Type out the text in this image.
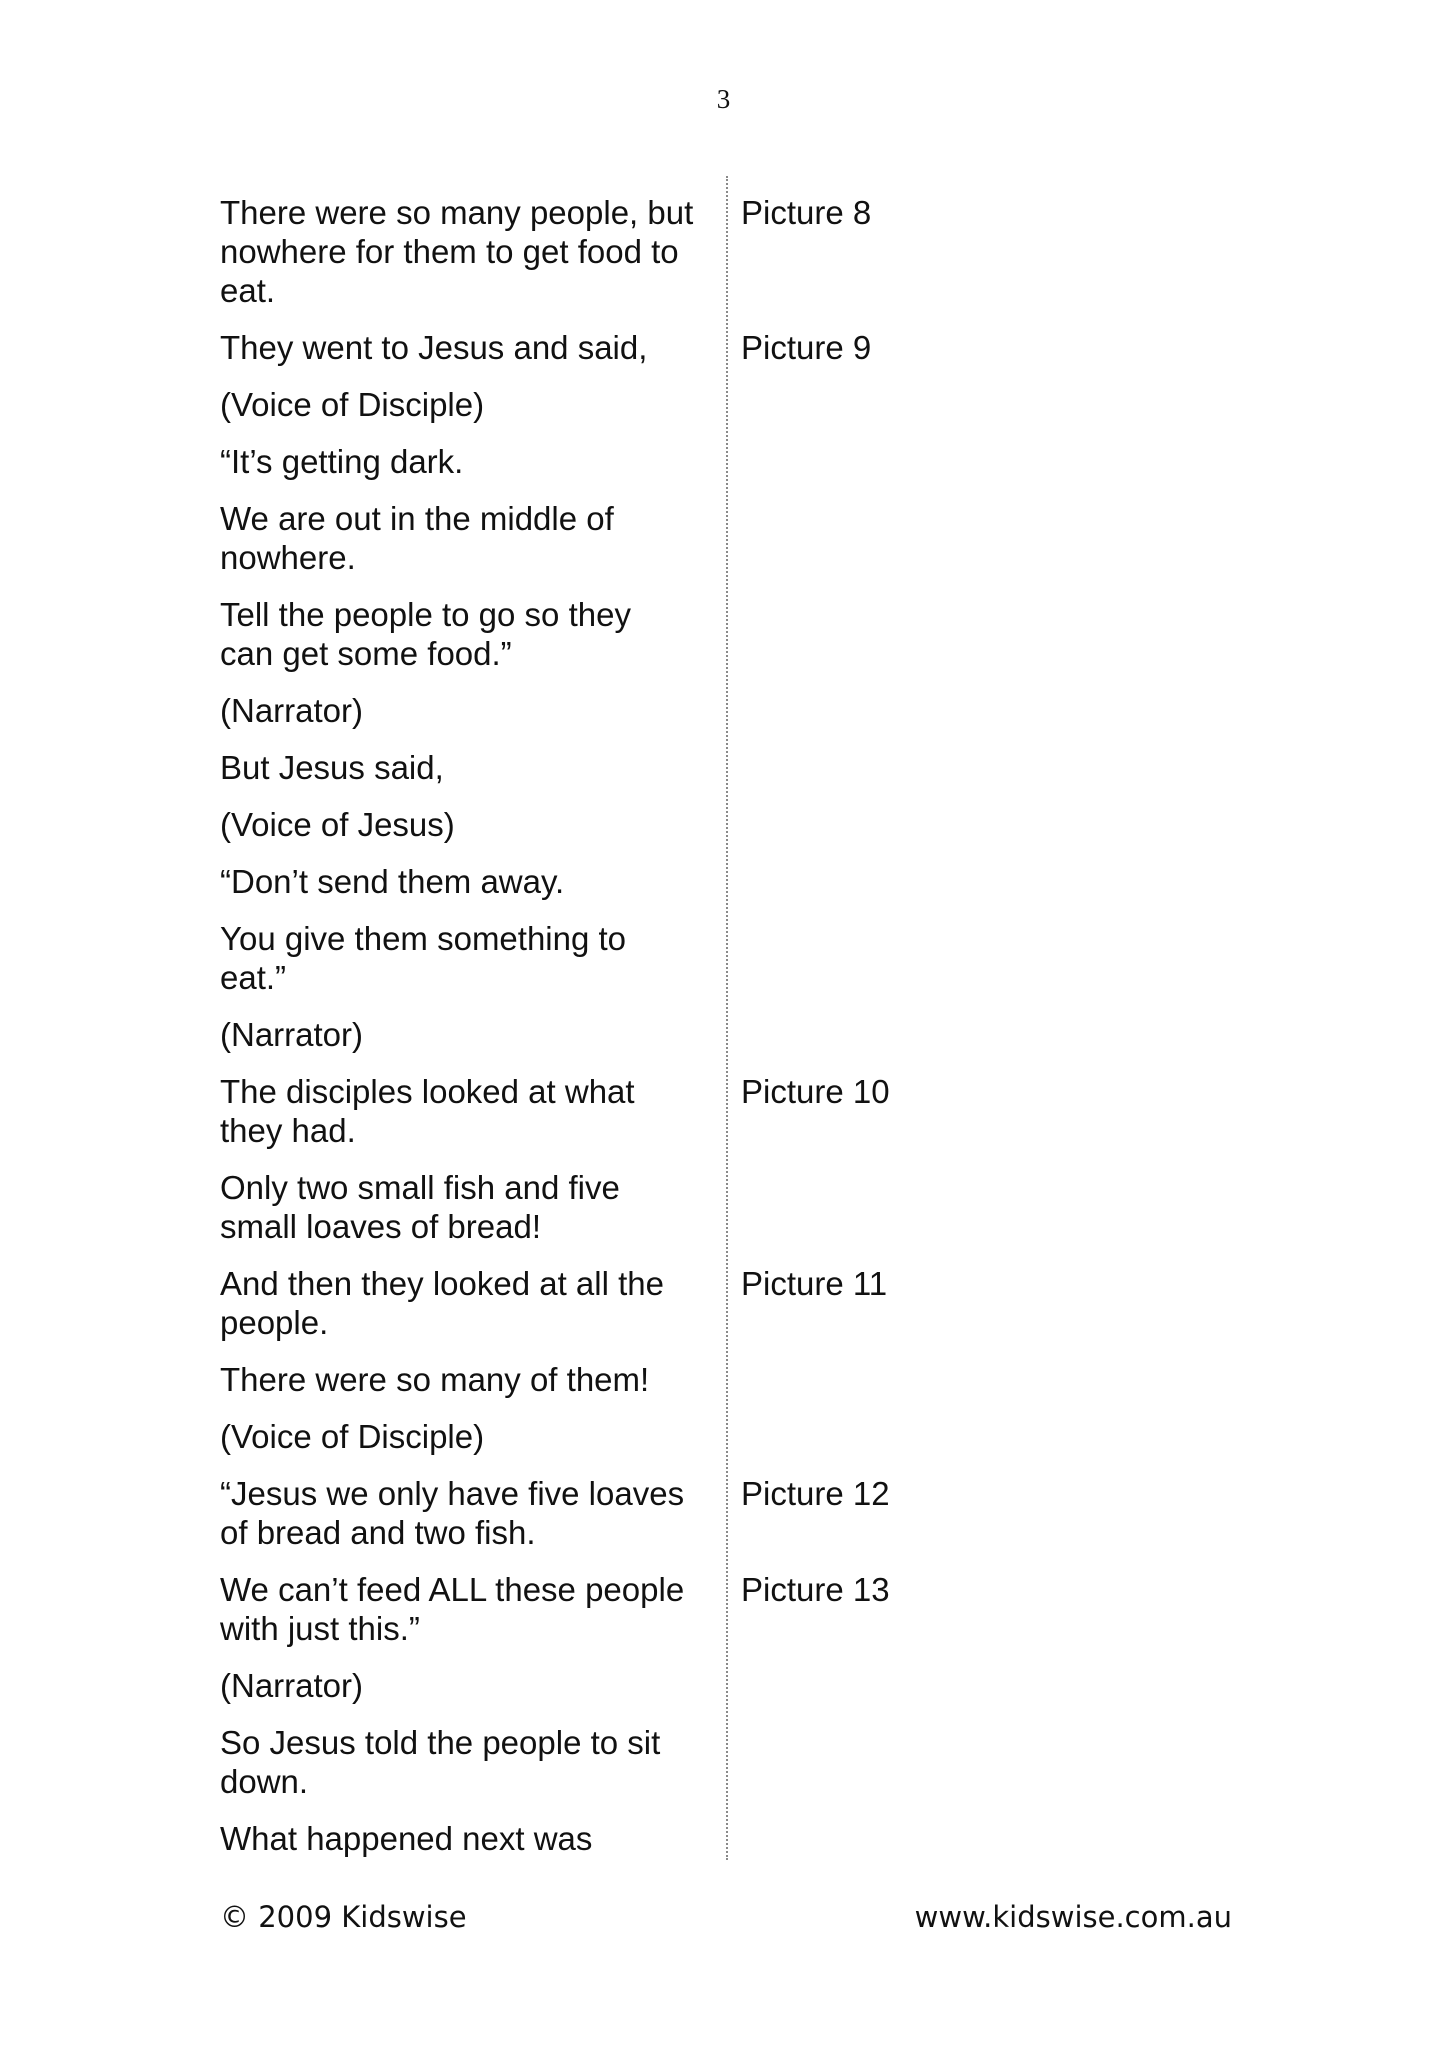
3
There were so many people, but
nowhere for them to get food to
eat.
Picture 8
They went to Jesus and said,	Picture 9
(Voice of Disciple)
“It’s getting dark.
We are out in the middle of
nowhere.
Tell the people to go so they
can get some food.”
(Narrator)
But Jesus said,
(Voice of Jesus)
“Don’t send them away.
You give them something to
eat.”
(Narrator)
The disciples looked at what
they had.
Picture 10
Only two small fish and five
small loaves of bread!
And then they looked at all the
people.
Picture 11
There were so many of them!
(Voice of Disciple)
“Jesus we only have five loaves
of bread and two fish.
Picture 12
We can’t feed ALL these people
with just this.”
Picture 13
(Narrator)
So Jesus told the people to sit
down.
What happened next was
© 2009 Kidswise	www.kidswise.com.au
